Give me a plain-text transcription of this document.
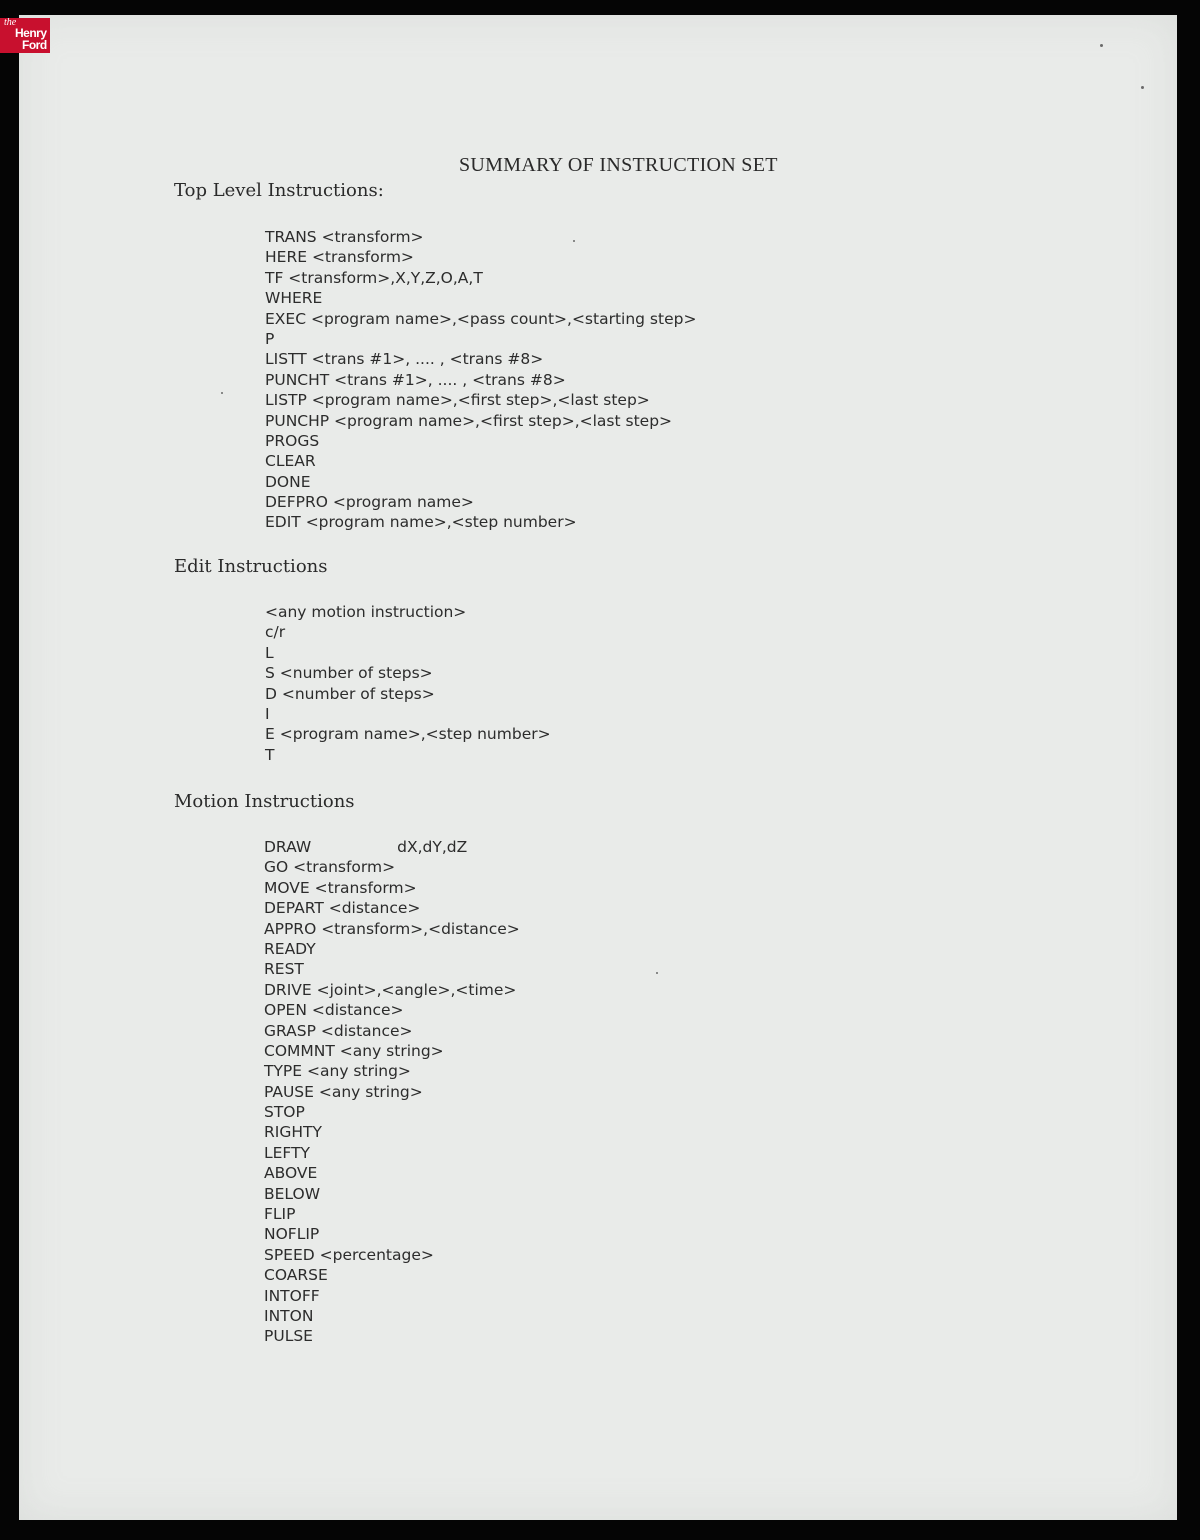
the
Henry
Ford
SUMMARY OF INSTRUCTION SET
Top Level Instructions:
TRANS <transform>
HERE <transform>
TF <transform>,X,Y,Z,O,A,T
WHERE
EXEC <program name>,<pass count>,<starting step>
P
LISTT <trans #1>, .... , <trans #8>
PUNCHT <trans #1>, .... , <trans #8>
LISTP <program name>,<first step>,<last step>
PUNCHP <program name>,<first step>,<last step>
PROGS
CLEAR
DONE
DEFPRO <program name>
EDIT <program name>,<step number>
Edit Instructions
<any motion instruction>
c/r
L
S <number of steps>
D <number of steps>
I
E <program name>,<step number>
T
Motion Instructions
DRAW	dX,dY,dZ
GO <transform>
MOVE <transform>
DEPART <distance>
APPRO <transform>,<distance>
READY
REST
DRIVE <joint>,<angle>,<time>
OPEN <distance>
GRASP <distance>
COMMNT <any string>
TYPE <any string>
PAUSE <any string>
STOP
RIGHTY
LEFTY
ABOVE
BELOW
FLIP
NOFLIP
SPEED <percentage>
COARSE
INTOFF
INTON
PULSE
